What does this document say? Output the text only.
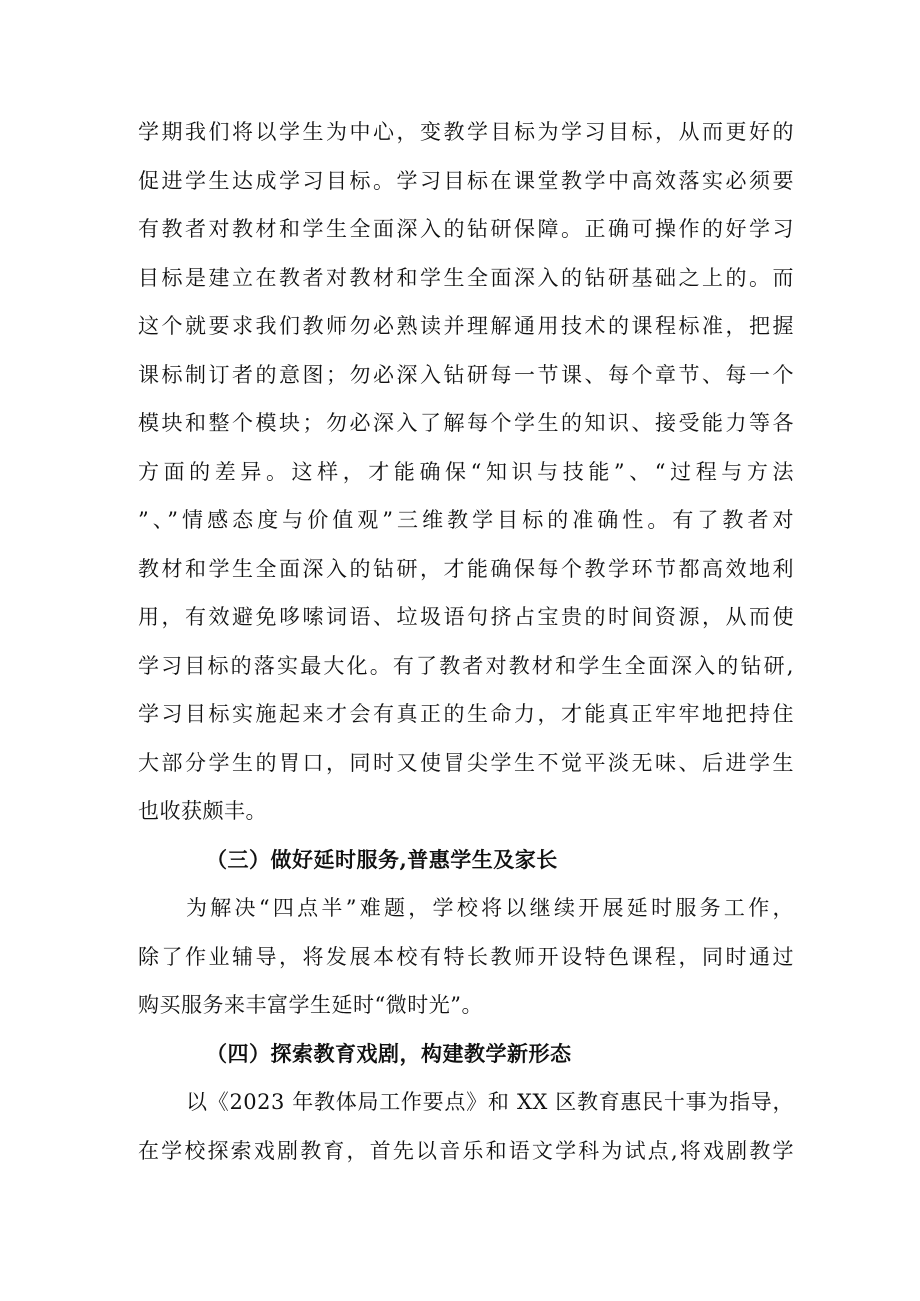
学期我们将以学生为中心，变教学目标为学习目标，从而更好的
促进学生达成学习目标。学习目标在课堂教学中高效落实必须要
有教者对教材和学生全面深入的钻研保障。正确可操作的好学习
目标是建立在教者对教材和学生全面深入的钻研基础之上的。而
这个就要求我们教师勿必熟读并理解通用技术的课程标准，把握
课标制订者的意图；勿必深入钻研每一节课、每个章节、每一个
模块和整个模块；勿必深入了解每个学生的知识、接受能力等各
方面的差异。这样，才能确保“知识与技能”、“过程与方法
”、”情感态度与价值观”三维教学目标的准确性。有了教者对
教材和学生全面深入的钻研，才能确保每个教学环节都高效地利
用，有效避免哆嗦词语、垃圾语句挤占宝贵的时间资源，从而使
学习目标的落实最大化。有了教者对教材和学生全面深入的钻研,
学习目标实施起来才会有真正的生命力，才能真正牢牢地把持住
大部分学生的胃口，同时又使冒尖学生不觉平淡无味、后进学生
也收获颇丰。
（三）做好延时服务,普惠学生及家长
为解决“四点半”难题，学校将以继续开展延时服务工作，
除了作业辅导，将发展本校有特长教师开设特色课程，同时通过
购买服务来丰富学生延时“微时光”。
（四）探索教育戏剧，构建教学新形态
以《2023 年教体局工作要点》和 XX 区教育惠民十事为指导，
在学校探索戏剧教育，首先以音乐和语文学科为试点,将戏剧教学
